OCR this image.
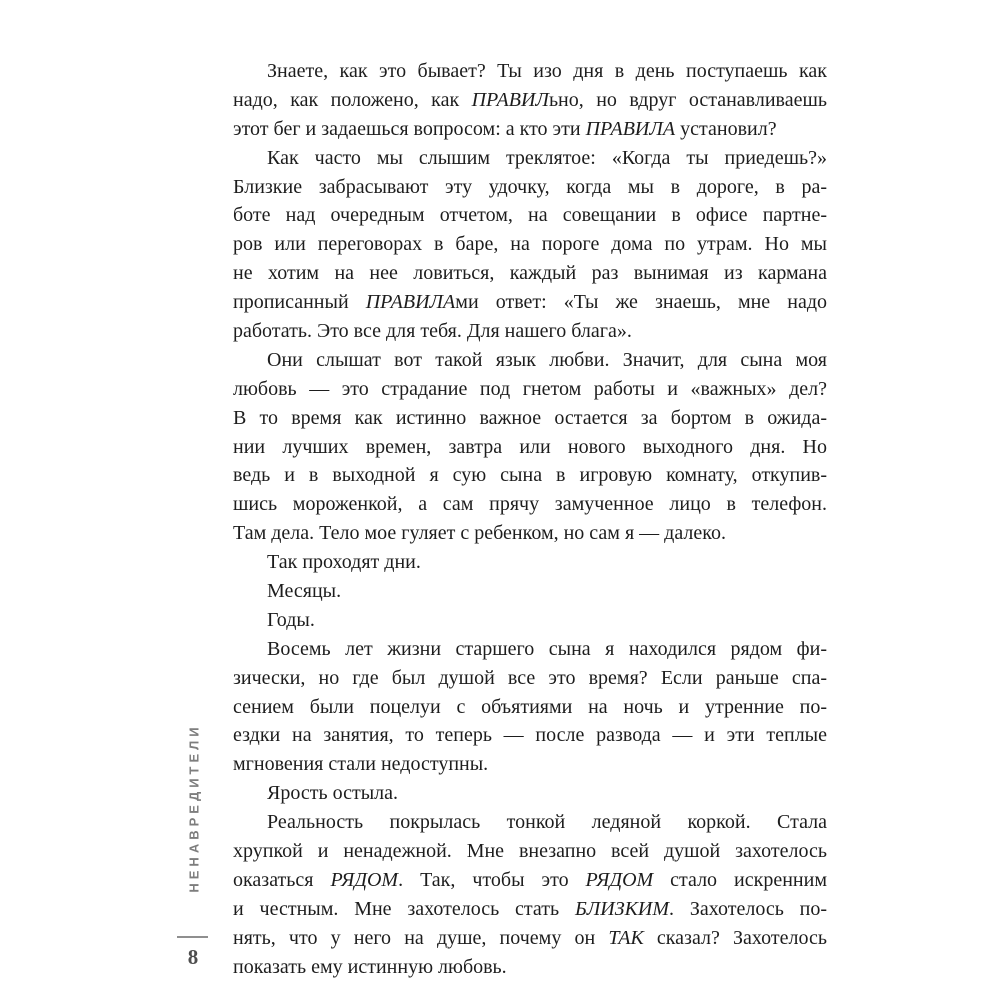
НЕНАВРЕДИТЕЛИ
8
Знаете, как это бывает? Ты изо дня в день поступаешь как
надо, как положено, как ПРАВИЛьно, но вдруг останавливаешь
этот бег и задаешься вопросом: а кто эти ПРАВИЛА установил?
Как часто мы слышим треклятое: «Когда ты приедешь?»
Близкие забрасывают эту удочку, когда мы в дороге, в ра-
боте над очередным отчетом, на совещании в офисе партне-
ров или переговорах в баре, на пороге дома по утрам. Но мы
не хотим на нее ловиться, каждый раз вынимая из кармана
прописанный ПРАВИЛАми ответ: «Ты же знаешь, мне надо
работать. Это все для тебя. Для нашего блага».
Они слышат вот такой язык любви. Значит, для сына моя
любовь — это страдание под гнетом работы и «важных» дел?
В то время как истинно важное остается за бортом в ожида-
нии лучших времен, завтра или нового выходного дня. Но
ведь и в выходной я сую сына в игровую комнату, откупив-
шись мороженкой, а сам прячу замученное лицо в телефон.
Там дела. Тело мое гуляет с ребенком, но сам я — далеко.
Так проходят дни.
Месяцы.
Годы.
Восемь лет жизни старшего сына я находился рядом фи-
зически, но где был душой все это время? Если раньше спа-
сением были поцелуи с объятиями на ночь и утренние по-
ездки на занятия, то теперь — после развода — и эти теплые
мгновения стали недоступны.
Ярость остыла.
Реальность покрылась тонкой ледяной коркой. Стала
хрупкой и ненадежной. Мне внезапно всей душой захотелось
оказаться РЯДОМ. Так, чтобы это РЯДОМ стало искренним
и честным. Мне захотелось стать БЛИЗКИМ. Захотелось по-
нять, что у него на душе, почему он ТАК сказал? Захотелось
показать ему истинную любовь.
